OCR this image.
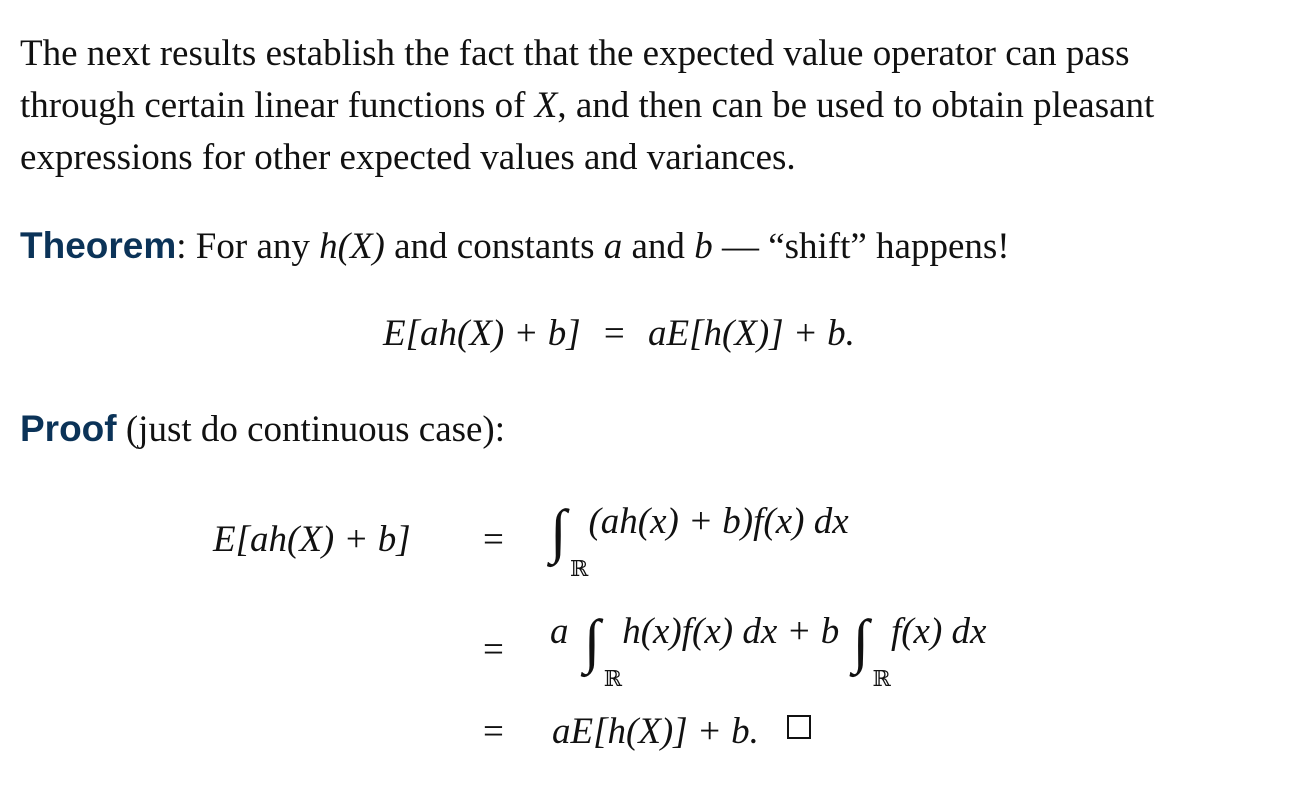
The next results establish the fact that the expected value operator can pass
through certain linear functions of X, and then can be used to obtain pleasant
expressions for other expected values and variances.
Theorem: For any h(X) and constants a and b — “shift” happens!
E[ah(X) + b] = aE[h(X)] + b.
Proof (just do continuous case):
E[ah(X) + b] = ∫
ℝ
(ah(x) + b)f(x) dx
= a ∫
ℝ
h(x)f(x) dx + b ∫
ℝ
f(x) dx
= aE[h(X)] + b.
